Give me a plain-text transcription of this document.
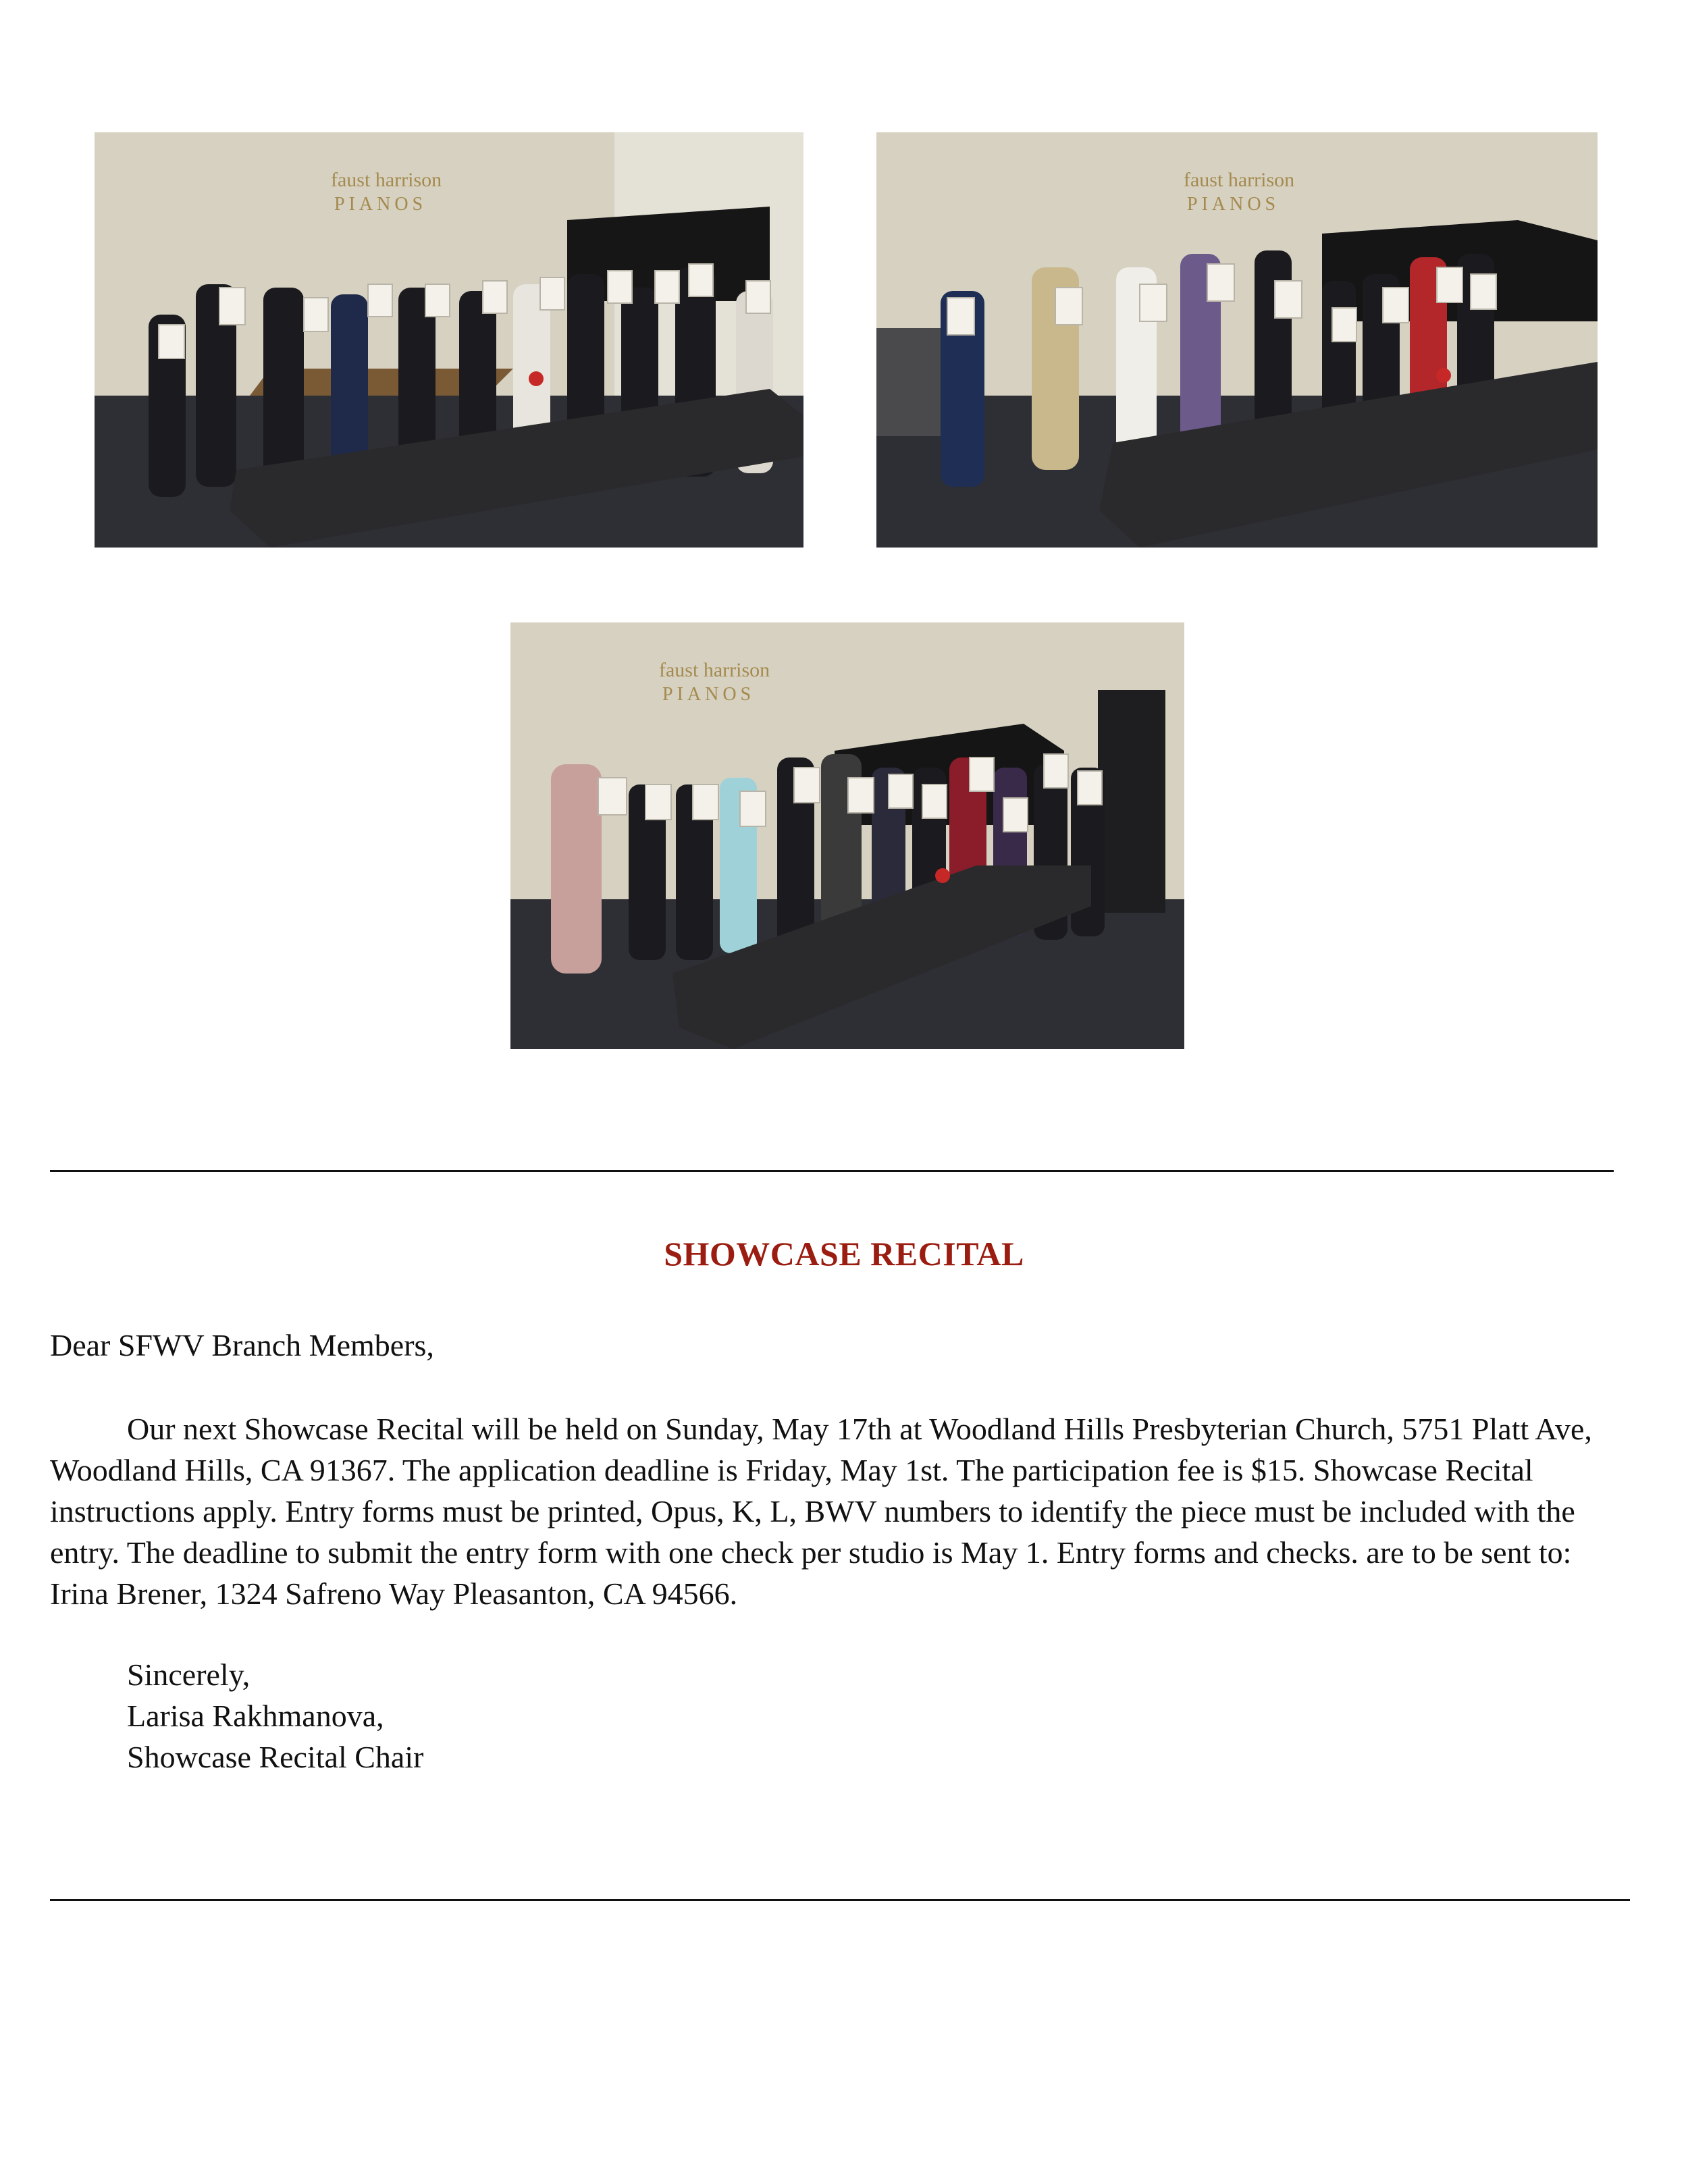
faust harrison
PIANOS
faust harrison
PIANOS
faust harrison
PIANOS
SHOWCASE RECITAL
Dear SFWV Branch Members,
Our next Showcase Recital will be held on Sunday, May 17th at Woodland Hills Presbyterian Church, 5751 Platt Ave, Woodland Hills, CA 91367. The application deadline is Friday, May 1st. The participation fee is $15. Showcase Recital instructions apply. Entry forms must be printed, Opus, K, L, BWV numbers to identify the piece must be included with the entry. The deadline to submit the entry form with one check per studio is May 1. Entry forms and checks. are to be sent to: Irina Brener, 1324 Safreno Way Pleasanton, CA 94566.
Sincerely,
Larisa Rakhmanova,
Showcase Recital Chair
